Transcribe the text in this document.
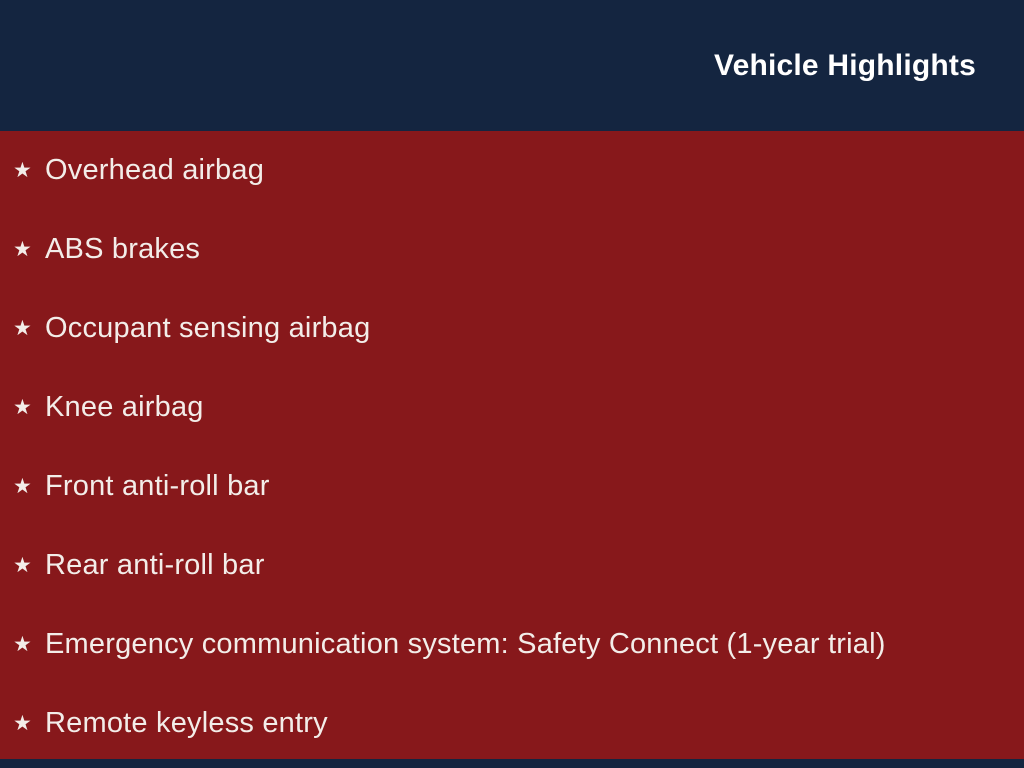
Vehicle Highlights
★ Overhead airbag
★ ABS brakes
★ Occupant sensing airbag
★ Knee airbag
★ Front anti-roll bar
★ Rear anti-roll bar
★ Emergency communication system: Safety Connect (1-year trial)
★ Remote keyless entry
